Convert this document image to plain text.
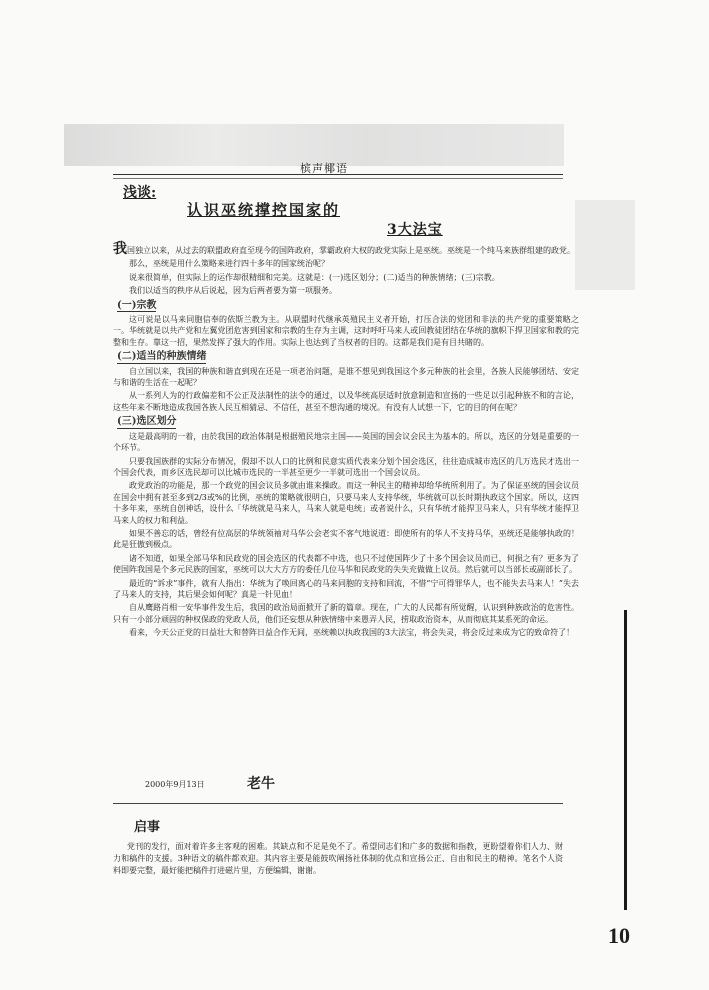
槟声椰语
浅谈:
认识巫统撑控国家的
3大法宝

我国独立以来，从过去的联盟政府直至现今的国阵政府，掌霸政府大权的政党实际上是巫统。巫统是一个纯马来族群组建的政党。

那么，巫统是用什么策略来进行四十多年的国家统治呢？

说来很简单，但实际上的运作却很精细和完美。这就是：(一)选区划分；(二)适当的种族情绪；(三)宗教。

我们以适当的秩序从后说起，因为后两者要为第一项服务。

(一)宗教

这可说是以马来同胞信奉的依斯兰教为主。从联盟时代继承英殖民主义者开始，打压合法的党团和非法的共产党的重要策略之一。华统就是以共产党和左翼党团危害到国家和宗教的生存为主调，这时呼吁马来人或回教徒团结在华统的旗帜下捍卫国家和教的完整和生存。靠这一招，果然发挥了强大的作用。实际上也达到了当权者的目的。这都是我们是有目共睹的。

(二)适当的种族情绪

自立国以来，我国的种族和谐直到现在还是一项老治问题，是谁不想见到我国这个多元种族的社会里，各族人民能够团结、安定与和谐的生活在一起呢？

从一系列人为的行政偏差和不公正及法制性的法令的通过，以及华统高层适时放意制造和宣扬的一些足以引起种族不和的言论，这些年来不断地造成我国各族人民互相猜忌、不信任，甚至不想沟通的境况。有没有人试想一下，它的目的何在呢？

(三)选区划分

这是最高明的一着，由於我国的政治体制是根据殖民地宗主国——英国的国会议会民主为基本的。所以，选区的分划是重要的一个环节。

只要我国族群的实际分布情况，假却不以人口的比例和民意实质代表来分划个国会选区，往往造成城市选区的几万选民才选出一个国会代表，而乡区选民却可以比城市选民的一半甚至更少一半就可选出一个国会议员。

政党政治的功能是，那一个政党的国会议员多就由谁来操政。而这一种民主的精神却给华统所利用了。为了保证巫统的国会议员在国会中拥有甚至多到2/3或%的比例，巫统的策略就很明白，只要马来人支持华统，华统就可以长时期执政这个国家。所以，这四十多年来，巫统自创神话，设什么「华统就是马来人，马来人就是电统」或者说什么，只有华统才能捍卫马来人，只有华统才能捍卫马来人的权力和利益。

如果不善忘的话，曾经有位高层的华统领袖对马华公会老实不客气地说道：即使所有的华人不支持马华，巫统还是能够执政的！此是狂傲到极点。

诸不知道，如果全部马华和民政党的国会选区的代表都不中选，也只不过使国阵少了十多个国会议员而已，何损之有？更多为了使国阵我国是个多元民族的国家，巫统可以大大方方的委任几位马华和民政党的失失充做做上议员。然后就可以当部长或副部长了。

最近的“诉求”事件，就有人指出：华统为了唤回离心的马来同胞的支持和回流，不惜“宁可得罪华人，也不能失去马来人！”失去了马来人的支持，其后果会如何呢？真是一针见血！

自从鹰路肖相一安华事件发生后，我国的政治局面掀开了新的篇章。现在，广大的人民都有所觉醒，认识到种族政治的危害性。只有一小部分顽固的种权保政的党政人员，他们还妄想从种族情绪中来愚弄人民，捞取政治资本，从而彻底其某系死的命运。

看来，今天公正党的日益壮大和替阵日益合作无间，巫统赖以执政我国的3大法宝，将会失灵，将会反过来成为它的致命符了！

2000年9月13日	老牛
启事
党刊的发行，面对着许多主客观的困难。其缺点和不足是免不了。希望同志们和广多的数据和指教，更盼望着你们人力、财力和稿件的支援。3种语文的稿件都欢迎。其内容主要是能鼓吹阐扬社体制的优点和宣扬公正、自由和民主的精神。笔名个人资料即要完整，最好能把稿件打进磁片里，方便编辑，谢谢。
10
